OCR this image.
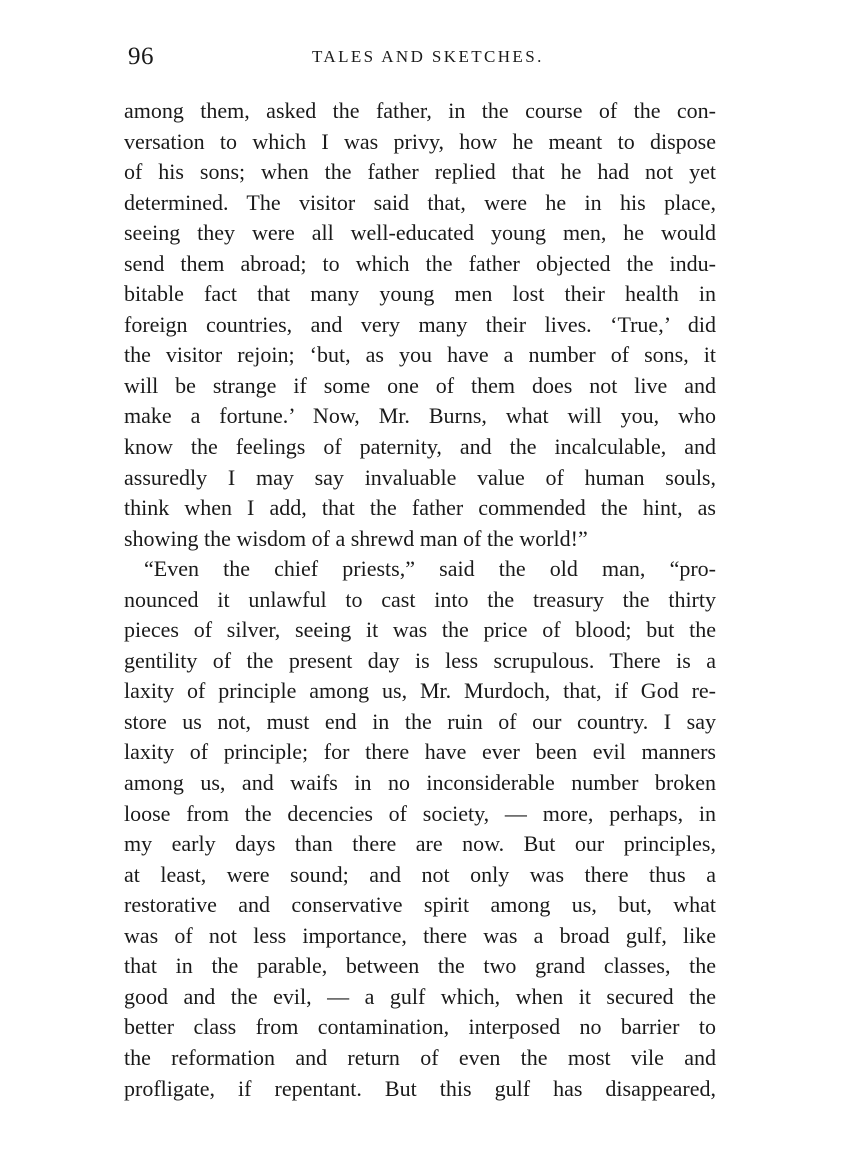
96	TALES AND SKETCHES.
among them, asked the father, in the course of the con-
versation to which I was privy, how he meant to dispose
of his sons; when the father replied that he had not yet
determined. The visitor said that, were he in his place,
seeing they were all well-educated young men, he would
send them abroad; to which the father objected the indu-
bitable fact that many young men lost their health in
foreign countries, and very many their lives. ‘True,’ did
the visitor rejoin; ‘but, as you have a number of sons, it
will be strange if some one of them does not live and
make a fortune.’ Now, Mr. Burns, what will you, who
know the feelings of paternity, and the incalculable, and
assuredly I may say invaluable value of human souls,
think when I add, that the father commended the hint, as
showing the wisdom of a shrewd man of the world!”
“Even the chief priests,” said the old man, “pro-
nounced it unlawful to cast into the treasury the thirty
pieces of silver, seeing it was the price of blood; but the
gentility of the present day is less scrupulous. There is a
laxity of principle among us, Mr. Murdoch, that, if God re-
store us not, must end in the ruin of our country. I say
laxity of principle; for there have ever been evil manners
among us, and waifs in no inconsiderable number broken
loose from the decencies of society, — more, perhaps, in
my early days than there are now. But our principles,
at least, were sound; and not only was there thus a
restorative and conservative spirit among us, but, what
was of not less importance, there was a broad gulf, like
that in the parable, between the two grand classes, the
good and the evil, — a gulf which, when it secured the
better class from contamination, interposed no barrier to
the reformation and return of even the most vile and
profligate, if repentant. But this gulf has disappeared,
